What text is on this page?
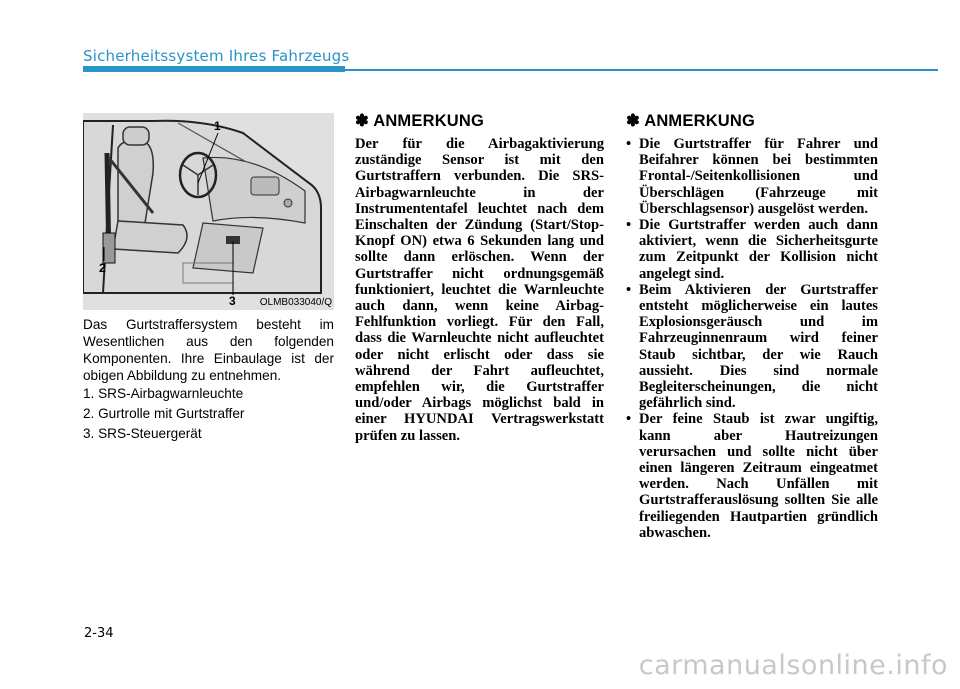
Sicherheitssystem Ihres Fahrzeugs
1
2
3 OLMB033040/Q
Das Gurtstraffersystem besteht im Wesentlichen aus den folgenden Komponenten. Ihre Einbaulage ist der obigen Abbildung zu entnehmen.
1. SRS-Airbagwarnleuchte
2. Gurtrolle mit Gurtstraffer
3. SRS-Steuergerät
✽ ANMERKUNG
Der für die Airbagaktivierung zuständige Sensor ist mit den Gurtstraffern verbunden. Die SRS-Airbagwarnleuchte in der Instrumententafel leuchtet nach dem Einschalten der Zündung (Start/Stop-Knopf ON) etwa 6 Sekunden lang und sollte dann erlöschen. Wenn der Gurtstraffer nicht ordnungsgemäß funktioniert, leuchtet die Warnleuchte auch dann, wenn keine Airbag-Fehlfunktion vorliegt. Für den Fall, dass die Warnleuchte nicht aufleuchtet oder nicht erlischt oder dass sie während der Fahrt aufleuchtet, empfehlen wir, die Gurtstraffer und/oder Airbags möglichst bald in einer HYUNDAI Vertragswerkstatt prüfen zu lassen.
✽ ANMERKUNG
• Die Gurtstraffer für Fahrer und Beifahrer können bei bestimmten Frontal-/Seitenkollisionen und Überschlägen (Fahrzeuge mit Überschlagsensor) ausgelöst werden.
• Die Gurtstraffer werden auch dann aktiviert, wenn die Sicherheitsgurte zum Zeitpunkt der Kollision nicht angelegt sind.
• Beim Aktivieren der Gurtstraffer entsteht möglicherweise ein lautes Explosionsgeräusch und im Fahrzeuginnenraum wird feiner Staub sichtbar, der wie Rauch aussieht. Dies sind normale Begleiterscheinungen, die nicht gefährlich sind.
• Der feine Staub ist zwar ungiftig, kann aber Hautreizungen verursachen und sollte nicht über einen längeren Zeitraum eingeatmet werden. Nach Unfällen mit Gurtstrafferauslösung sollten Sie alle freiliegenden Hautpartien gründlich abwaschen.
2-34
carmanualsonline.info
